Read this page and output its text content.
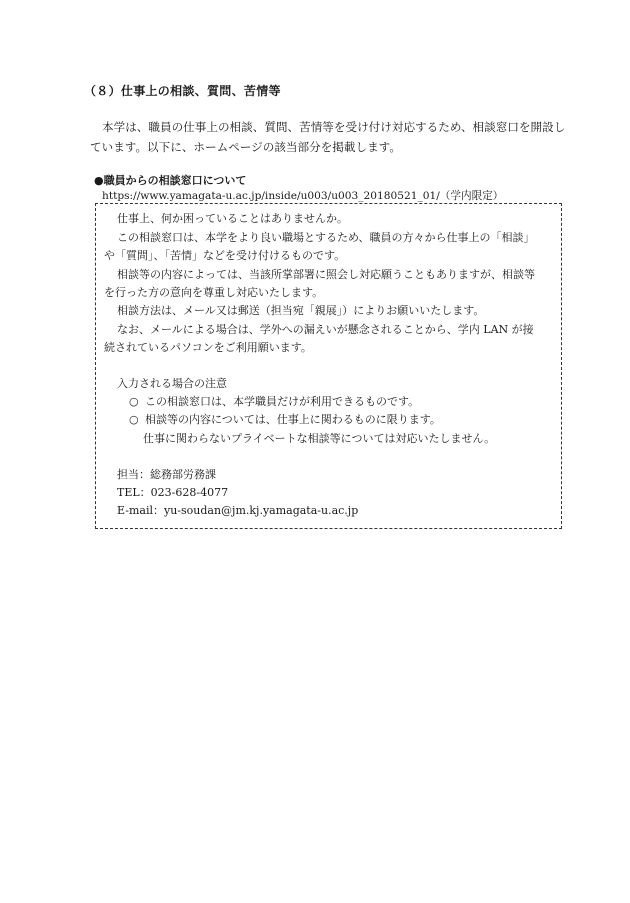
（８）仕事上の相談、質問、苦情等

本学は、職員の仕事上の相談、質問、苦情等を受け付け対応するため、相談窓口を開設し
ています。以下に、ホームページの該当部分を掲載します。

●職員からの相談窓口について
https://www.yamagata-u.ac.jp/inside/u003/u003_20180521_01/（学内限定）
仕事上、何か困っていることはありませんか。
この相談窓口は、本学をより良い職場とするため、職員の方々から仕事上の「相談」
や「質問」、「苦情」などを受け付けるものです。
相談等の内容によっては、当該所掌部署に照会し対応願うこともありますが、相談等
を行った方の意向を尊重し対応いたします。
相談方法は、メール又は郵送（担当宛「親展」）によりお願いいたします。
なお、メールによる場合は、学外への漏えいが懸念されることから、学内 LAN が接
続されているパソコンをご利用願います。
入力される場合の注意
○ この相談窓口は、本学職員だけが利用できるものです。
○ 相談等の内容については、仕事上に関わるものに限ります。
仕事に関わらないプライベートな相談等については対応いたしません。
担当：総務部労務課
TEL：023-628-4077
E-mail：yu-soudan@jm.kj.yamagata-u.ac.jp
